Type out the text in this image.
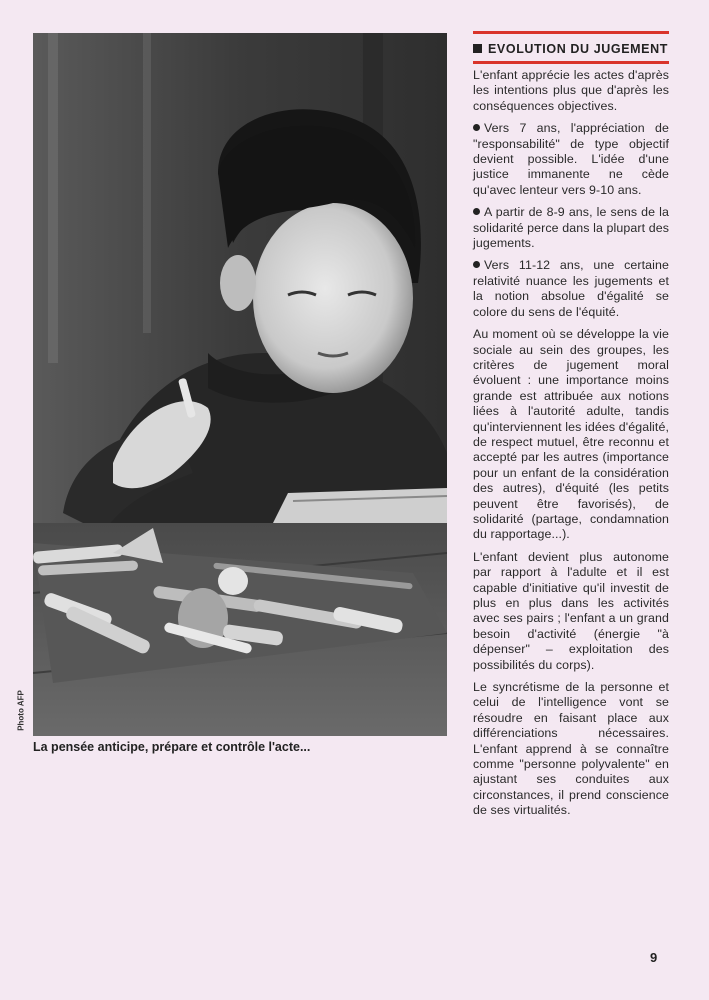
Photo AFP
La pensée anticipe, prépare et contrôle l'acte...
EVOLUTION DU JUGEMENT

L'enfant apprécie les actes d'après les intentions plus que d'après les conséquences objectives.

Vers 7 ans, l'appréciation de "responsabilité" de type objectif devient possible. L'idée d'une justice immanente ne cède qu'avec lenteur vers 9-10 ans.

A partir de 8-9 ans, le sens de la solidarité perce dans la plupart des jugements.

Vers 11-12 ans, une certaine relativité nuance les jugements et la notion absolue d'égalité se colore du sens de l'équité.

Au moment où se développe la vie sociale au sein des groupes, les critères de jugement moral évoluent : une importance moins grande est attribuée aux notions liées à l'autorité adulte, tandis qu'interviennent les idées d'égalité, de respect mutuel, être reconnu et accepté par les autres (importance pour un enfant de la considération des autres), d'équité (les petits peuvent être favorisés), de solidarité (partage, condamnation du rapportage...).

L'enfant devient plus autonome par rapport à l'adulte et il est capable d'initiative qu'il investit de plus en plus dans les activités avec ses pairs ; l'enfant a un grand besoin d'activité (énergie "à dépenser" – exploitation des possibilités du corps).

Le syncrétisme de la personne et celui de l'intelligence vont se résoudre en faisant place aux différenciations nécessaires. L'enfant apprend à se connaître comme "personne polyvalente" en ajustant ses conduites aux circonstances, il prend conscience de ses virtualités.

9
